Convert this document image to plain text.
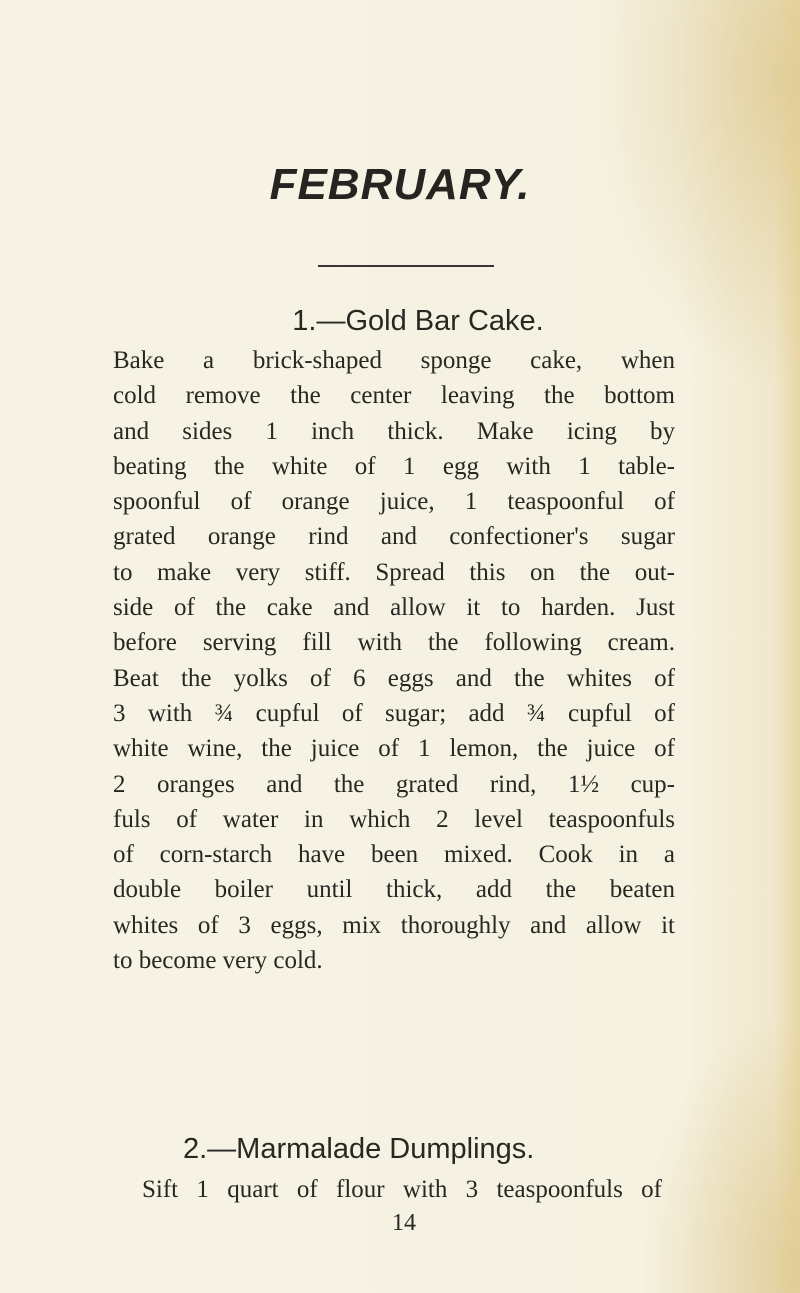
FEBRUARY.
1.—Gold Bar Cake.
Bake a brick-shaped sponge cake, when
cold remove the center leaving the bottom
and sides 1 inch thick. Make icing by
beating the white of 1 egg with 1 table-
spoonful of orange juice, 1 teaspoonful of
grated orange rind and confectioner's sugar
to make very stiff. Spread this on the out-
side of the cake and allow it to harden. Just
before serving fill with the following cream.
Beat the yolks of 6 eggs and the whites of
3 with ¾ cupful of sugar; add ¾ cupful of
white wine, the juice of 1 lemon, the juice of
2 oranges and the grated rind, 1½ cup-
fuls of water in which 2 level teaspoonfuls
of corn-starch have been mixed. Cook in a
double boiler until thick, add the beaten
whites of 3 eggs, mix thoroughly and allow it
to become very cold.
2.—Marmalade Dumplings.
Sift 1 quart of flour with 3 teaspoonfuls of
14
